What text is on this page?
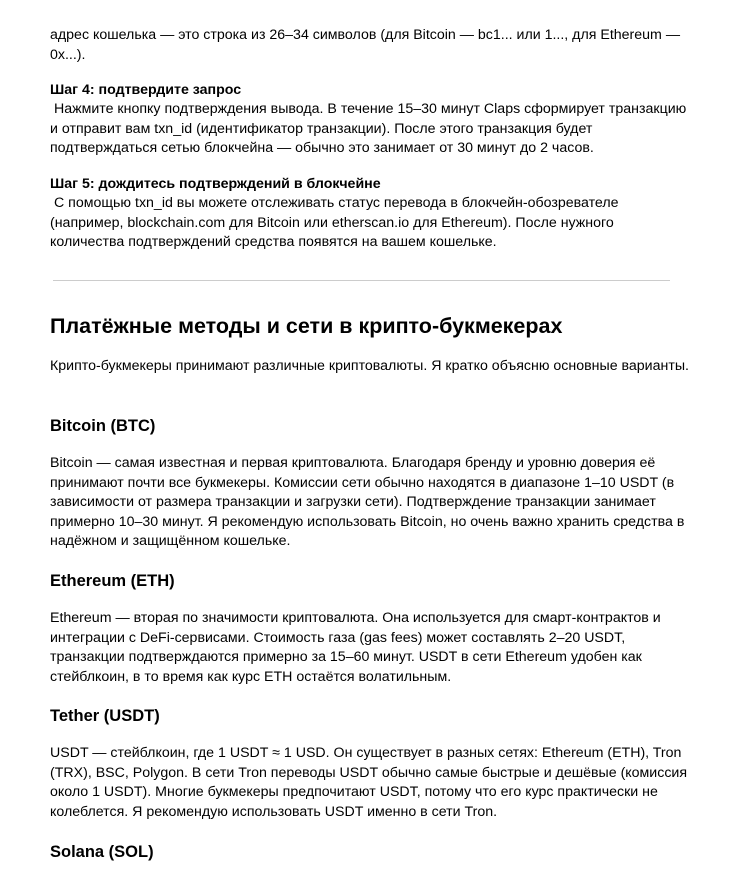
адрес кошелька — это строка из 26–34 символов (для Bitcoin — bc1... или 1..., для Ethereum — 0x...).

Шаг 4: подтвердите запрос

Нажмите кнопку подтверждения вывода. В течение 15–30 минут Claps сформирует транзакцию и отправит вам txn_id (идентификатор транзакции). После этого транзакция будет подтверждаться сетью блокчейна — обычно это занимает от 30 минут до 2 часов.

Шаг 5: дождитесь подтверждений в блокчейне

С помощью txn_id вы можете отслеживать статус перевода в блокчейн-обозревателе (например, blockchain.com для Bitcoin или etherscan.io для Ethereum). После нужного количества подтверждений средства появятся на вашем кошельке.

Платёжные методы и сети в крипто-букмекерах

Крипто-букмекеры принимают различные криптовалюты. Я кратко объясню основные варианты.

Bitcoin (BTC)

Bitcoin — самая известная и первая криптовалюта. Благодаря бренду и уровню доверия её принимают почти все букмекеры. Комиссии сети обычно находятся в диапазоне 1–10 USDT (в зависимости от размера транзакции и загрузки сети). Подтверждение транзакции занимает примерно 10–30 минут. Я рекомендую использовать Bitcoin, но очень важно хранить средства в надёжном и защищённом кошельке.

Ethereum (ETH)

Ethereum — вторая по значимости криптовалюта. Она используется для смарт-контрактов и интеграции с DeFi-сервисами. Стоимость газа (gas fees) может составлять 2–20 USDT, транзакции подтверждаются примерно за 15–60 минут. USDT в сети Ethereum удобен как стейблкоин, в то время как курс ETH остаётся волатильным.

Tether (USDT)

USDT — стейблкоин, где 1 USDT ≈ 1 USD. Он существует в разных сетях: Ethereum (ETH), Tron (TRX), BSC, Polygon. В сети Tron переводы USDT обычно самые быстрые и дешёвые (комиссия около 1 USDT). Многие букмекеры предпочитают USDT, потому что его курс практически не колеблется. Я рекомендую использовать USDT именно в сети Tron.

Solana (SOL)
